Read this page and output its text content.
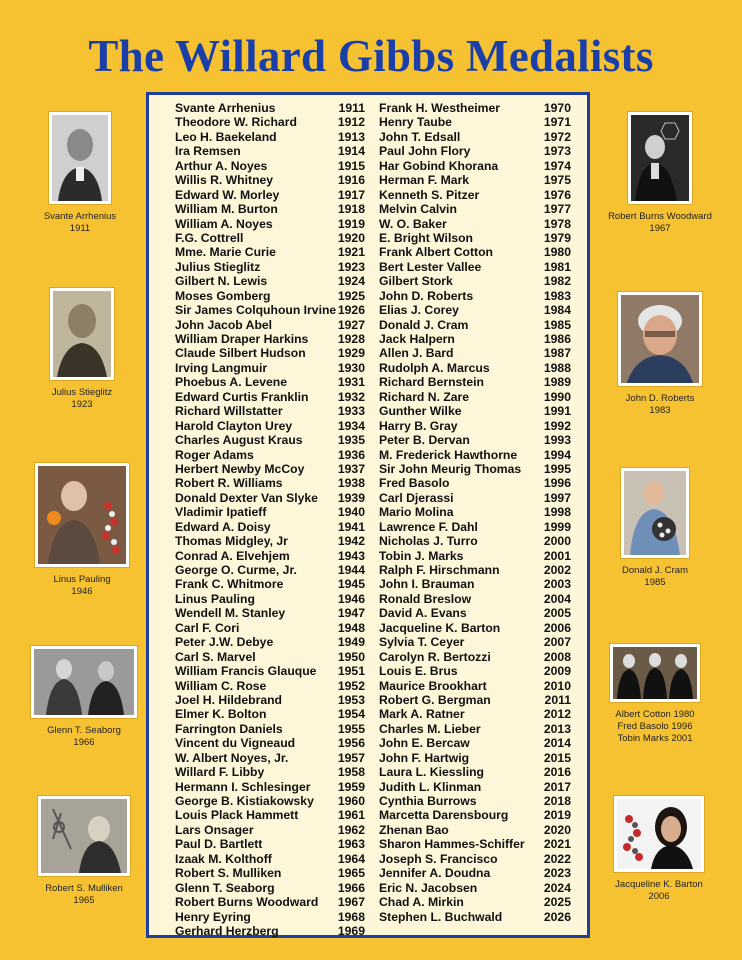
The Willard Gibbs Medalists
Svante Arrhenius	1911
Theodore W. Richard	1912
Leo H. Baekeland	1913
Ira Remsen	1914
Arthur A. Noyes	1915
Willis R. Whitney	1916
Edward W. Morley	1917
William M. Burton	1918
William A. Noyes	1919
F.G. Cottrell	1920
Mme. Marie Curie	1921
Julius Stieglitz	1923
Gilbert N. Lewis	1924
Moses Gomberg	1925
Sir James Colquhoun Irvine 1926
John Jacob Abel	1927
William Draper Harkins 1928
Claude Silbert Hudson	1929
Irving Langmuir	1930
Phoebus A. Levene	1931
Edward Curtis Franklin 1932
Richard Willstatter	1933
Harold Clayton Urey	1934
Charles August Kraus	1935
Roger Adams	1936
Herbert Newby McCoy	1937
Robert R. Williams	1938
Donald Dexter Van Slyke 1939
Vladimir Ipatieff	1940
Edward A. Doisy	1941
Thomas Midgley, Jr	1942
Conrad A. Elvehjem	1943
George O. Curme, Jr.	1944
Frank C. Whitmore	1945
Linus Pauling	1946
Wendell M. Stanley	1947
Carl F. Cori	1948
Peter J.W. Debye	1949
Carl S. Marvel	1950
William Francis Glauque 1951
William C. Rose	1952
Joel H. Hildebrand	1953
Elmer K. Bolton	1954
Farrington Daniels	1955
Vincent du Vigneaud	1956
W. Albert Noyes, Jr.	1957
Willard F. Libby	1958
Hermann I. Schlesinger 1959
George B. Kistiakowsky 1960
Louis Plack Hammett	1961
Lars Onsager	1962
Paul D. Bartlett	1963
Izaak M. Kolthoff	1964
Robert S. Mulliken	1965
Glenn T. Seaborg	1966
Robert Burns Woodward 1967
Henry Eyring	1968
Gerhard Herzberg	1969
Frank H. Westheimer	1970
Henry Taube	1971
John T. Edsall	1972
Paul John Flory	1973
Har Gobind Khorana	1974
Herman F. Mark	1975
Kenneth S. Pitzer	1976
Melvin Calvin	1977
W. O. Baker	1978
E. Bright Wilson	1979
Frank Albert Cotton	1980
Bert Lester Vallee	1981
Gilbert Stork	1982
John D. Roberts	1983
Elias J. Corey	1984
Donald J. Cram	1985
Jack Halpern	1986
Allen J. Bard	1987
Rudolph A. Marcus	1988
Richard Bernstein	1989
Richard N. Zare	1990
Gunther Wilke	1991
Harry B. Gray	1992
Peter B. Dervan	1993
M. Frederick Hawthorne 1994
Sir John Meurig Thomas 1995
Fred Basolo	1996
Carl Djerassi	1997
Mario Molina	1998
Lawrence F. Dahl	1999
Nicholas J. Turro	2000
Tobin J. Marks	2001
Ralph F. Hirschmann	2002
John I. Brauman	2003
Ronald Breslow	2004
David A. Evans	2005
Jacqueline K. Barton	2006
Sylvia T. Ceyer	2007
Carolyn R. Bertozzi	2008
Louis E. Brus	2009
Maurice Brookhart	2010
Robert G. Bergman	2011
Mark A. Ratner	2012
Charles M. Lieber	2013
John E. Bercaw	2014
John F. Hartwig	2015
Laura L. Kiessling	2016
Judith L. Klinman	2017
Cynthia Burrows	2018
Marcetta Darensbourg	2019
Zhenan Bao	2020
Sharon Hammes-Schiffer 2021
Joseph S. Francisco	2022
Jennifer A. Doudna	2023
Eric N. Jacobsen	2024
Chad A. Mirkin	2025
Stephen L. Buchwald	2026
Svante Arrhenius
1911
Julius Stieglitz
1923
Linus Pauling
1946
Glenn T. Seaborg
1966
Robert S. Mulliken
1965
Robert Burns Woodward
1967
John D. Roberts
1983
Donald J. Cram
1985
Albert Cotton 1980
Fred Basolo 1996
Tobin Marks 2001
Jacqueline K. Barton
2006
